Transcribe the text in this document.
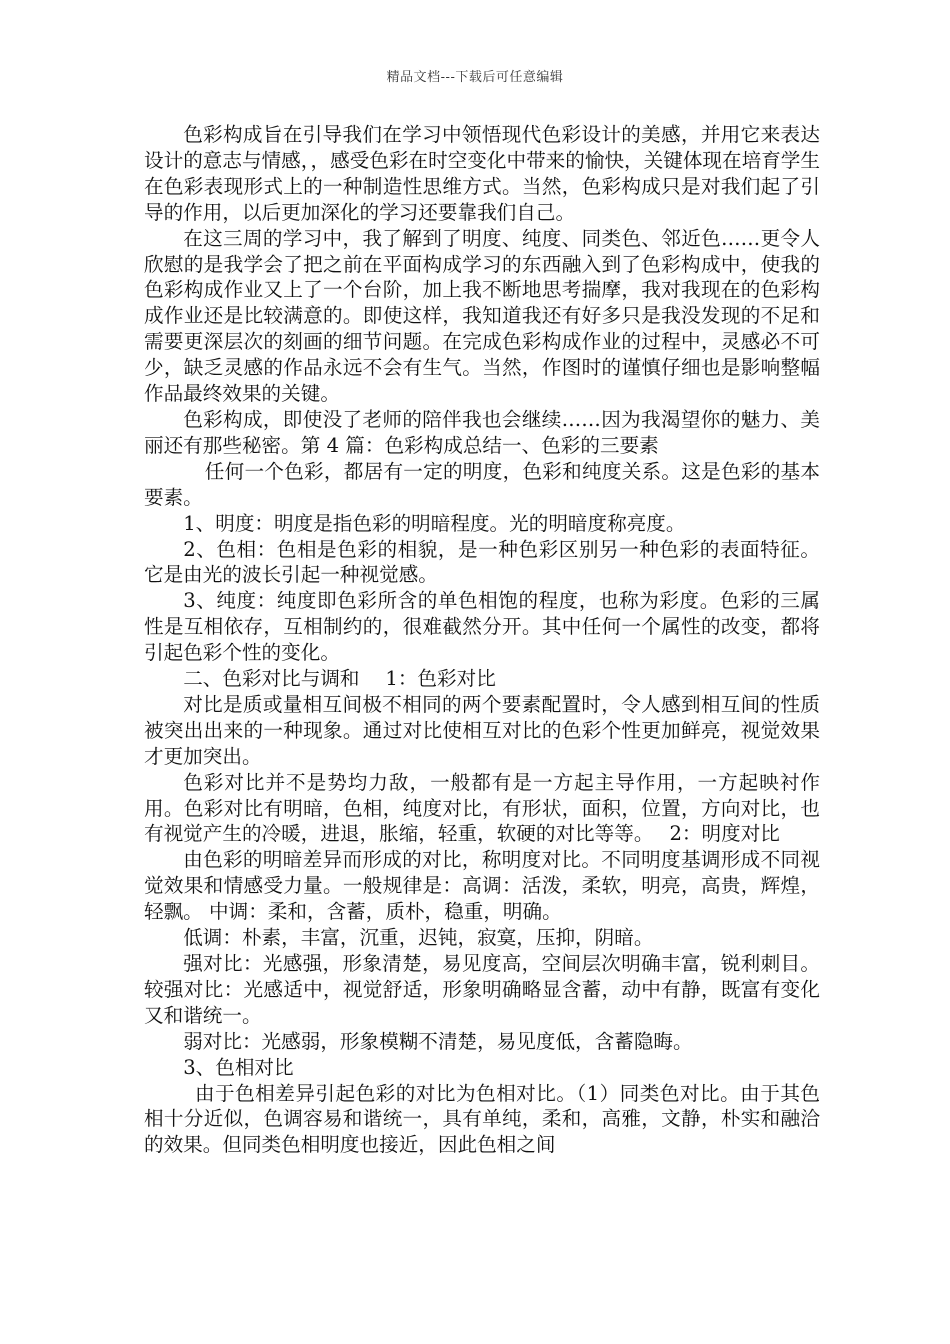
精品文档---下载后可任意编辑

色彩构成旨在引导我们在学习中领悟现代色彩设计的美感，并用它来表达设计的意志与情感，，感受色彩在时空变化中带来的愉快，关键体现在培育学生在色彩表现形式上的一种制造性思维方式。当然，色彩构成只是对我们起了引导的作用，以后更加深化的学习还要靠我们自己。

在这三周的学习中，我了解到了明度、纯度、同类色、邻近色……更令人欣慰的是我学会了把之前在平面构成学习的东西融入到了色彩构成中，使我的色彩构成作业又上了一个台阶，加上我不断地思考揣摩，我对我现在的色彩构成作业还是比较满意的。即使这样，我知道我还有好多只是我没发现的不足和需要更深层次的刻画的细节问题。在完成色彩构成作业的过程中，灵感必不可少，缺乏灵感的作品永远不会有生气。当然，作图时的谨慎仔细也是影响整幅作品最终效果的关键。

色彩构成，即使没了老师的陪伴我也会继续……因为我渴望你的魅力、美丽还有那些秘密。第 4 篇：色彩构成总结一、色彩的三要素

任何一个色彩，都居有一定的明度，色彩和纯度关系。这是色彩的基本要素。

1、明度：明度是指色彩的明暗程度。光的明暗度称亮度。

2、色相：色相是色彩的相貌，是一种色彩区别另一种色彩的表面特征。它是由光的波长引起一种视觉感。

3、纯度：纯度即色彩所含的单色相饱的程度，也称为彩度。色彩的三属性是互相依存，互相制约的，很难截然分开。其中任何一个属性的改变，都将引起色彩个性的变化。

二、色彩对比与调和　 1：色彩对比

对比是质或量相互间极不相同的两个要素配置时，令人感到相互间的性质被突出出来的一种现象。通过对比使相互对比的色彩个性更加鲜亮，视觉效果才更加突出。

色彩对比并不是势均力敌，一般都有是一方起主导作用，一方起映衬作用。色彩对比有明暗，色相，纯度对比，有形状，面积，位置，方向对比，也有视觉产生的冷暖，进退，胀缩，轻重，软硬的对比等等。　 2：明度对比

由色彩的明暗差异而形成的对比，称明度对比。不同明度基调形成不同视觉效果和情感受力量。一般规律是：高调：活泼，柔软，明亮，高贵，辉煌，轻飘。 中调：柔和，含蓄，质朴，稳重，明确。

低调：朴素，丰富，沉重，迟钝，寂寞，压抑，阴暗。

强对比：光感强，形象清楚，易见度高，空间层次明确丰富，锐利刺目。 较强对比：光感适中，视觉舒适，形象明确略显含蓄，动中有静，既富有变化又和谐统一。

弱对比：光感弱，形象模糊不清楚，易见度低，含蓄隐晦。

3、色相对比

由于色相差异引起色彩的对比为色相对比。（1）同类色对比。由于其色相十分近似，色调容易和谐统一，具有单纯，柔和，高雅，文静，朴实和融洽的效果。但同类色相明度也接近，因此色相之间
